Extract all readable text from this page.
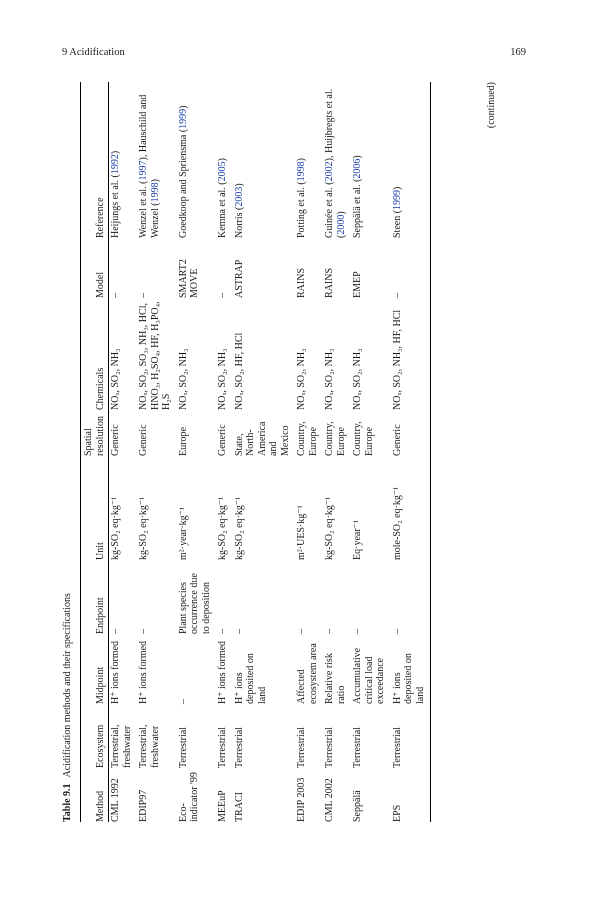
9 Acidification	169
Table 9.1Acidification methods and their specifications
Method	Ecosystem	Midpoint	Endpoint	Unit	Spatial resolution	Chemicals	Model	Reference
CML 1992	Terrestrial, freshwater	H⁺ ions formed	–	kg-SO₂ eq·kg⁻¹	Generic	NOₓ, SO₂, NH₃	–	Heijungs et al. (1992)
EDIP97	Terrestrial, freshwater	H⁺ ions formed	–	kg-SO₂ eq·kg⁻¹	Generic	NOₓ, SO₂, SO₃, NH₃, HCl, HNO₃, H₂SO₄, HF, H₃PO₄, H₂S	–	Wenzel et al. (1997), Hauschild and Wenzel (1998)
Eco-indicator '99	Terrestrial	–	Plant species occurrence due to deposition	m²·year·kg⁻¹	Europe	NOₓ, SO₂, NH₃	SMART2 MOVE	Goedkoop and Spriensma (1999)
MEEuP	Terrestrial	H⁺ ions formed	–	kg-SO₂ eq·kg⁻¹	Generic	NOₓ, SO₂, NH₃	–	Kemna et al. (2005)
TRACI	Terrestrial	H⁺ ions deposited on land	–	kg-SO₂ eq·kg⁻¹	State, North-America and Mexico	NOₓ, SO₂, HF, HCl	ASTRAP	Norris (2003)
EDIP 2003	Terrestrial	Affected ecosystem area	–	m²·UES·kg⁻¹	Country, Europe	NOₓ, SO₂, NH₃	RAINS	Potting et al. (1998)
CML 2002	Terrestrial	Relative risk ratio	–	kg-SO₂ eq·kg⁻¹	Country, Europe	NOₓ, SO₂, NH₃	RAINS	Guinée et al. (2002), Huijbregts et al. (2000)
Seppälä	Terrestrial	Accumulative critical load exceedance	–	Eq·year⁻¹	Country, Europe	NOₓ, SO₂, NH₃	EMEP	Seppälä et al. (2006)
EPS	Terrestrial	H⁺ ions deposited on land	–	mole-SO₂ eq·kg⁻¹	Generic	NOₓ, SO₂, NH₃, HF, HCl	–	Steen (1999)
(continued)
